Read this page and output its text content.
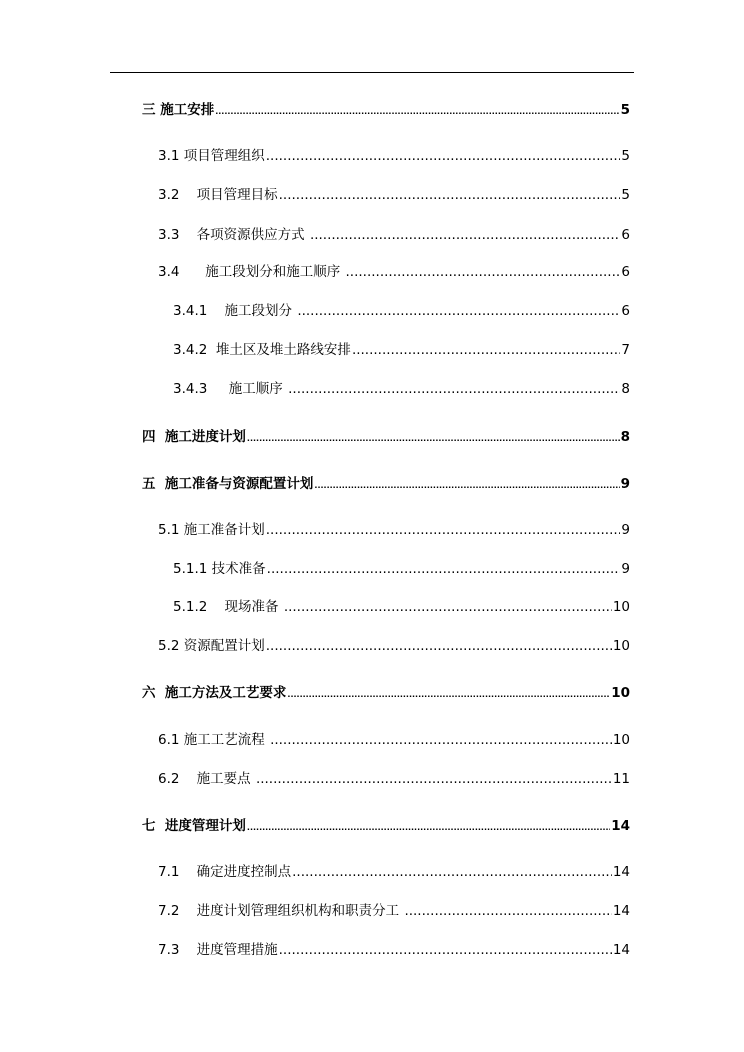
三 施工安排 .....	5
3.1 项目管理组织 .....	5
3.2    项目管理目标 .....	5
3.3    各项资源供应方式 .....	6
3.4      施工段划分和施工顺序 .....	6
3.4.1    施工段划分 .....	6
3.4.2  堆土区及堆土路线安排 .....	7
3.4.3     施工顺序 .....	8
四  施工进度计划 .....	8
五  施工准备与资源配置计划 .....	9
5.1 施工准备计划 .....	9
5.1.1 技术准备 .....	9
5.1.2    现场准备 .....	10
5.2 资源配置计划 .....	10
六  施工方法及工艺要求 .....	10
6.1 施工工艺流程 .....	10
6.2    施工要点 .....	11
七  进度管理计划 .....	14
7.1    确定进度控制点 .....	14
7.2    进度计划管理组织机构和职责分工 .....	14
7.3    进度管理措施 .....	14
